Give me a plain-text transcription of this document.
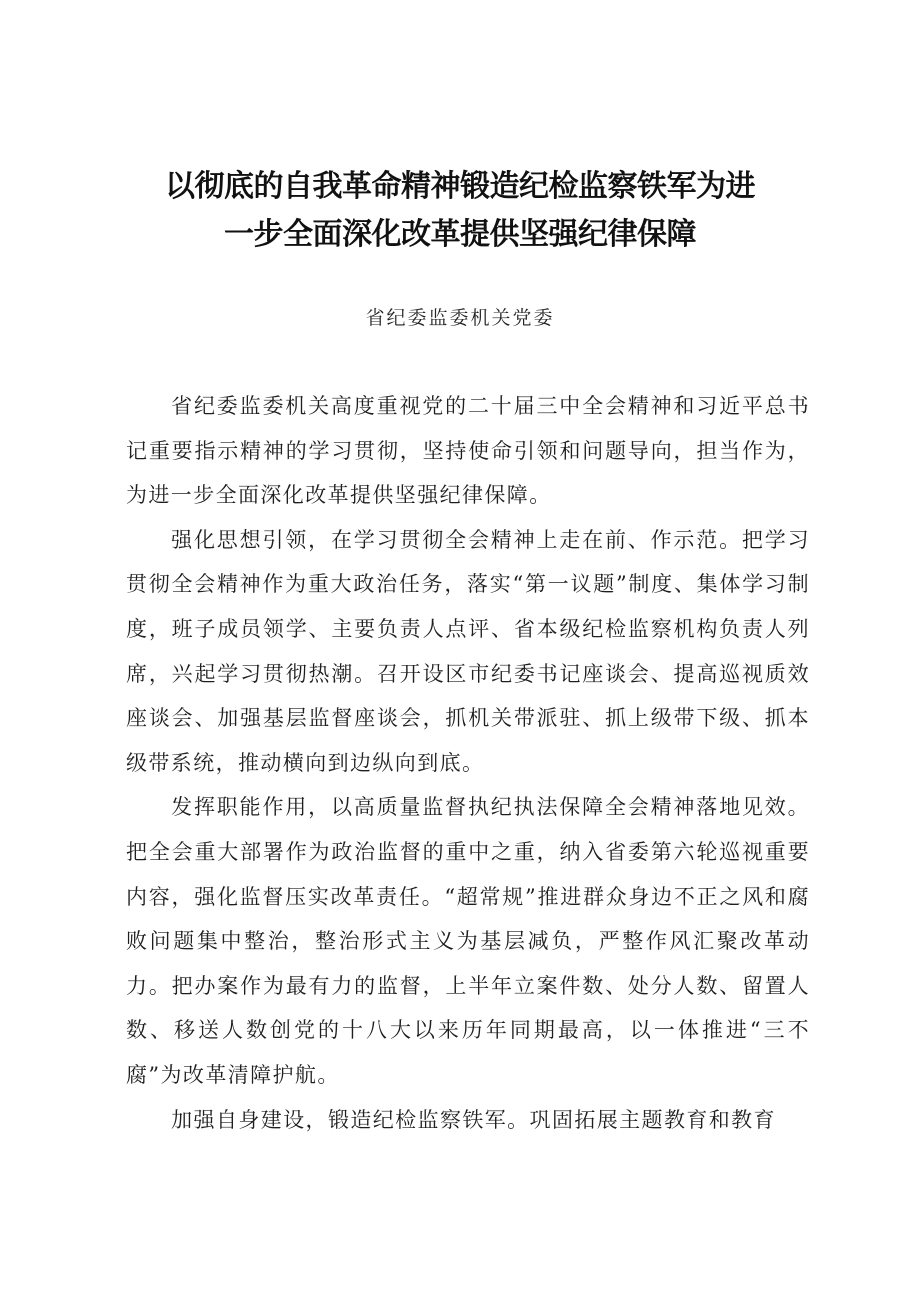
以彻底的自我革命精神锻造纪检监察铁军为进
一步全面深化改革提供坚强纪律保障
省纪委监委机关党委

省纪委监委机关高度重视党的二十届三中全会精神和习近平总书记重要指示精神的学习贯彻，坚持使命引领和问题导向，担当作为，为进一步全面深化改革提供坚强纪律保障。

强化思想引领，在学习贯彻全会精神上走在前、作示范。把学习贯彻全会精神作为重大政治任务，落实“第一议题”制度、集体学习制度，班子成员领学、主要负责人点评、省本级纪检监察机构负责人列席，兴起学习贯彻热潮。召开设区市纪委书记座谈会、提高巡视质效座谈会、加强基层监督座谈会，抓机关带派驻、抓上级带下级、抓本级带系统，推动横向到边纵向到底。

发挥职能作用，以高质量监督执纪执法保障全会精神落地见效。把全会重大部署作为政治监督的重中之重，纳入省委第六轮巡视重要内容，强化监督压实改革责任。“超常规”推进群众身边不正之风和腐败问题集中整治，整治形式主义为基层减负，严整作风汇聚改革动力。把办案作为最有力的监督，上半年立案件数、处分人数、留置人数、移送人数创党的十八大以来历年同期最高，以一体推进“三不腐”为改革清障护航。

加强自身建设，锻造纪检监察铁军。巩固拓展主题教育和教育
